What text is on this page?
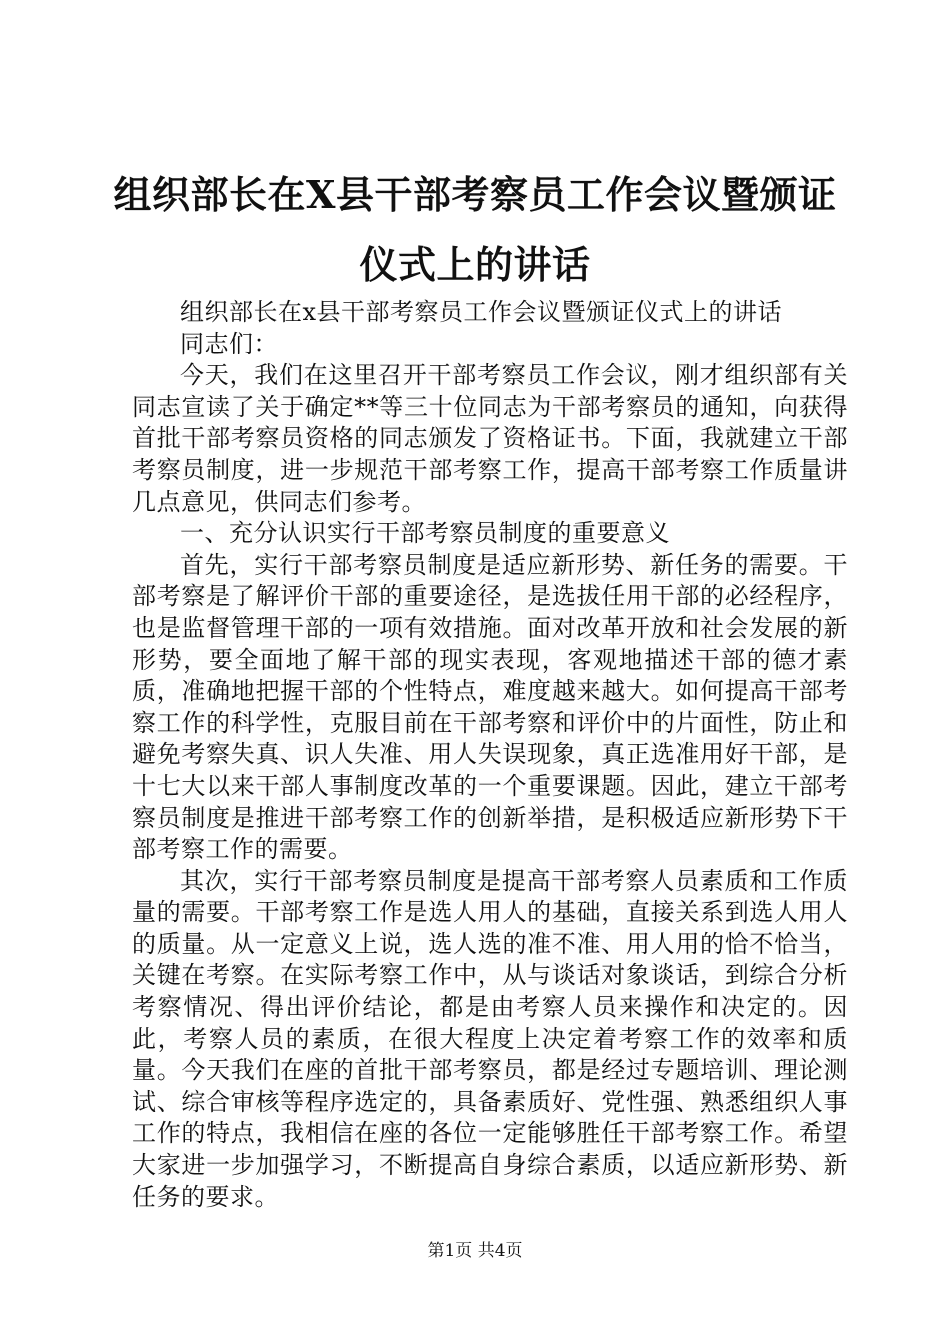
组织部长在X县干部考察员工作会议暨颁证仪式上的讲话

组织部长在x县干部考察员工作会议暨颁证仪式上的讲话

同志们：

今天，我们在这里召开干部考察员工作会议，刚才组织部有关同志宣读了关于确定**等三十位同志为干部考察员的通知，向获得首批干部考察员资格的同志颁发了资格证书。下面，我就建立干部考察员制度，进一步规范干部考察工作，提高干部考察工作质量讲几点意见，供同志们参考。

一、充分认识实行干部考察员制度的重要意义

首先，实行干部考察员制度是适应新形势、新任务的需要。干部考察是了解评价干部的重要途径，是选拔任用干部的必经程序，也是监督管理干部的一项有效措施。面对改革开放和社会发展的新形势，要全面地了解干部的现实表现，客观地描述干部的德才素质，准确地把握干部的个性特点，难度越来越大。如何提高干部考察工作的科学性，克服目前在干部考察和评价中的片面性，防止和避免考察失真、识人失准、用人失误现象，真正选准用好干部，是十七大以来干部人事制度改革的一个重要课题。因此，建立干部考察员制度是推进干部考察工作的创新举措，是积极适应新形势下干部考察工作的需要。

其次，实行干部考察员制度是提高干部考察人员素质和工作质量的需要。干部考察工作是选人用人的基础，直接关系到选人用人的质量。从一定意义上说，选人选的准不准、用人用的恰不恰当，关键在考察。在实际考察工作中，从与谈话对象谈话，到综合分析考察情况、得出评价结论，都是由考察人员来操作和决定的。因此，考察人员的素质，在很大程度上决定着考察工作的效率和质量。今天我们在座的首批干部考察员，都是经过专题培训、理论测试、综合审核等程序选定的，具备素质好、党性强、熟悉组织人事工作的特点，我相信在座的各位一定能够胜任干部考察工作。希望大家进一步加强学习，不断提高自身综合素质，以适应新形势、新任务的要求。

第1页 共4页
